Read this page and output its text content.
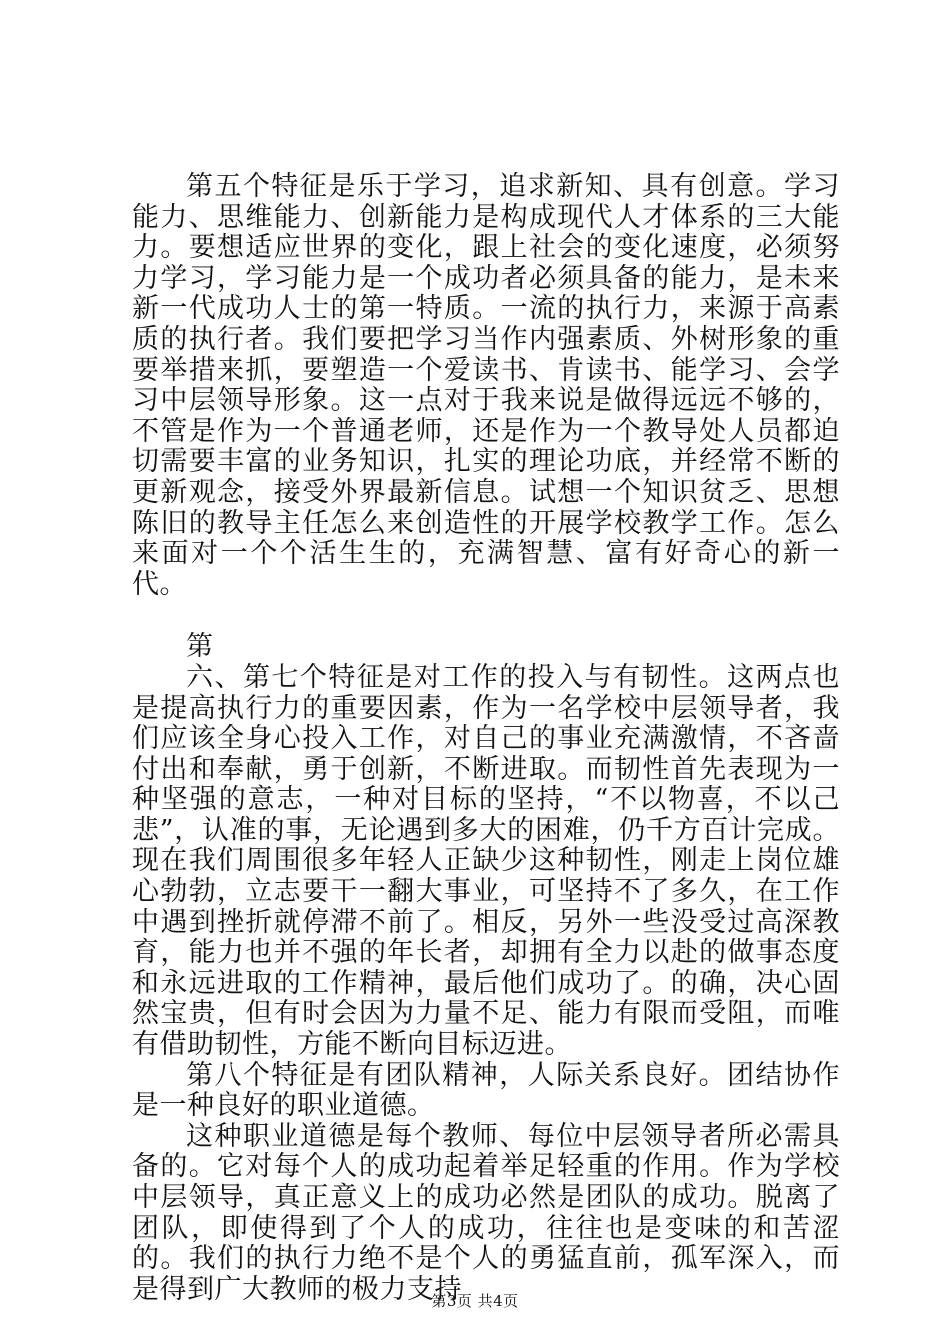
第五个特征是乐于学习，追求新知、具有创意。学习能力、思维能力、创新能力是构成现代人才体系的三大能力。要想适应世界的变化，跟上社会的变化速度，必须努力学习，学习能力是一个成功者必须具备的能力，是未来新一代成功人士的第一特质。一流的执行力，来源于高素质的执行者。我们要把学习当作内强素质、外树形象的重要举措来抓，要塑造一个爱读书、肯读书、能学习、会学习中层领导形象。这一点对于我来说是做得远远不够的，不管是作为一个普通老师，还是作为一个教导处人员都迫切需要丰富的业务知识，扎实的理论功底，并经常不断的更新观念，接受外界最新信息。试想一个知识贫乏、思想陈旧的教导主任怎么来创造性的开展学校教学工作。怎么来面对一个个活生生的，充满智慧、富有好奇心的新一代。

第

六、第七个特征是对工作的投入与有韧性。这两点也是提高执行力的重要因素，作为一名学校中层领导者，我们应该全身心投入工作，对自己的事业充满激情，不吝啬付出和奉献，勇于创新，不断进取。而韧性首先表现为一种坚强的意志，一种对目标的坚持，“不以物喜，不以己悲”，认准的事，无论遇到多大的困难，仍千方百计完成。现在我们周围很多年轻人正缺少这种韧性，刚走上岗位雄心勃勃，立志要干一翻大事业，可坚持不了多久，在工作中遇到挫折就停滞不前了。相反，另外一些没受过高深教育，能力也并不强的年长者，却拥有全力以赴的做事态度和永远进取的工作精神，最后他们成功了。的确，决心固然宝贵，但有时会因为力量不足、能力有限而受阻，而唯有借助韧性，方能不断向目标迈进。

第八个特征是有团队精神，人际关系良好。团结协作是一种良好的职业道德。

这种职业道德是每个教师、每位中层领导者所必需具备的。它对每个人的成功起着举足轻重的作用。作为学校中层领导，真正意义上的成功必然是团队的成功。脱离了团队，即使得到了个人的成功，往往也是变味的和苦涩的。我们的执行力绝不是个人的勇猛直前，孤军深入，而是得到广大教师的极力支持

第3页 共4页
